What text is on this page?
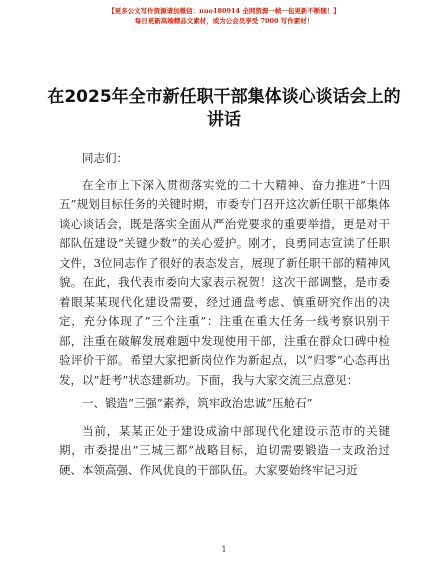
【更多公文写作资源请加微信：nuo180914 全网资源一帧一包更新不断随！】
每日更新高端精品文素材，或为公会员享受 7000 写作素材！
在2025年全市新任职干部集体谈心谈话会上的讲话

同志们：

在全市上下深入贯彻落实党的二十大精神、奋力推进”十四五”规划目标任务的关键时期，市委专门召开这次新任职干部集体谈心谈话会，既是落实全面从严治党要求的重要举措，更是对干部队伍建设”关键少数”的关心爱护。刚才，良勇同志宣读了任职文件，3位同志作了很好的表态发言，展现了新任职干部的精神风貌。在此，我代表市委向大家表示祝贺！这次干部调整，是市委着眼某某现代化建设需要，经过通盘考虑、慎重研究作出的决定，充分体现了”三个注重”：注重在重大任务一线考察识别干部，注重在破解发展难题中发现使用干部，注重在群众口碑中检验评价干部。希望大家把新岗位作为新起点，以”归零”心态再出发，以”赶考”状态建新功。下面，我与大家交流三点意见：

一、锻造”三强”素养，筑牢政治忠诚”压舱石”

当前，某某正处于建设成渝中部现代化建设示范市的关键期，市委提出”三城三都”战略目标，迫切需要锻造一支政治过硬、本领高强、作风优良的干部队伍。大家要始终牢记习近

1
